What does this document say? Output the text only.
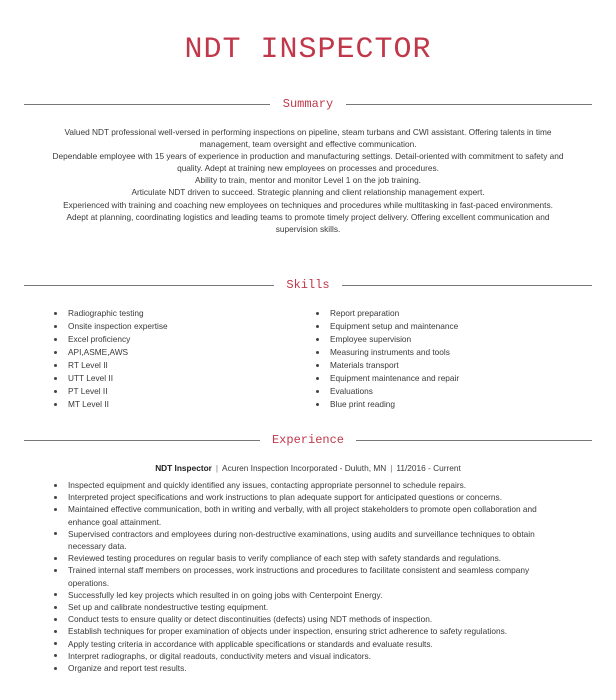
NDT INSPECTOR
Summary

Valued NDT professional well-versed in performing inspections on pipeline, steam turbans and CWI assistant. Offering talents in time management, team oversight and effective communication.

Dependable employee with 15 years of experience in production and manufacturing settings. Detail-oriented with commitment to safety and quality. Adept at training new employees on processes and procedures.

Ability to train, mentor and monitor Level 1 on the job training.

Articulate NDT driven to succeed. Strategic planning and client relationship management expert.

Experienced with training and coaching new employees on techniques and procedures while multitasking in fast-paced environments.

Adept at planning, coordinating logistics and leading teams to promote timely project delivery. Offering excellent communication and supervision skills.

Skills
Radiographic testing
Onsite inspection expertise
Excel proficiency
API,ASME,AWS
RT Level II
UTT Level II
PT Level II
MT Level II
Report preparation
Equipment setup and maintenance
Employee supervision
Measuring instruments and tools
Materials transport
Equipment maintenance and repair
Evaluations
Blue print reading
Experience
NDT Inspector | Acuren Inspection Incorporated - Duluth, MN | 11/2016 - Current
Inspected equipment and quickly identified any issues, contacting appropriate personnel to schedule repairs.
Interpreted project specifications and work instructions to plan adequate support for anticipated questions or concerns.
Maintained effective communication, both in writing and verbally, with all project stakeholders to promote open collaboration and enhance goal attainment.
Supervised contractors and employees during non-destructive examinations, using audits and surveillance techniques to obtain necessary data.
Reviewed testing procedures on regular basis to verify compliance of each step with safety standards and regulations.
Trained internal staff members on processes, work instructions and procedures to facilitate consistent and seamless company operations.
Successfully led key projects which resulted in on going jobs with Centerpoint Energy.
Set up and calibrate nondestructive testing equipment.
Conduct tests to ensure quality or detect discontinuities (defects) using NDT methods of inspection.
Establish techniques for proper examination of objects under inspection, ensuring strict adherence to safety regulations.
Apply testing criteria in accordance with applicable specifications or standards and evaluate results.
Interpret radiographs, or digital readouts, conductivity meters and visual indicators.
Organize and report test results.
